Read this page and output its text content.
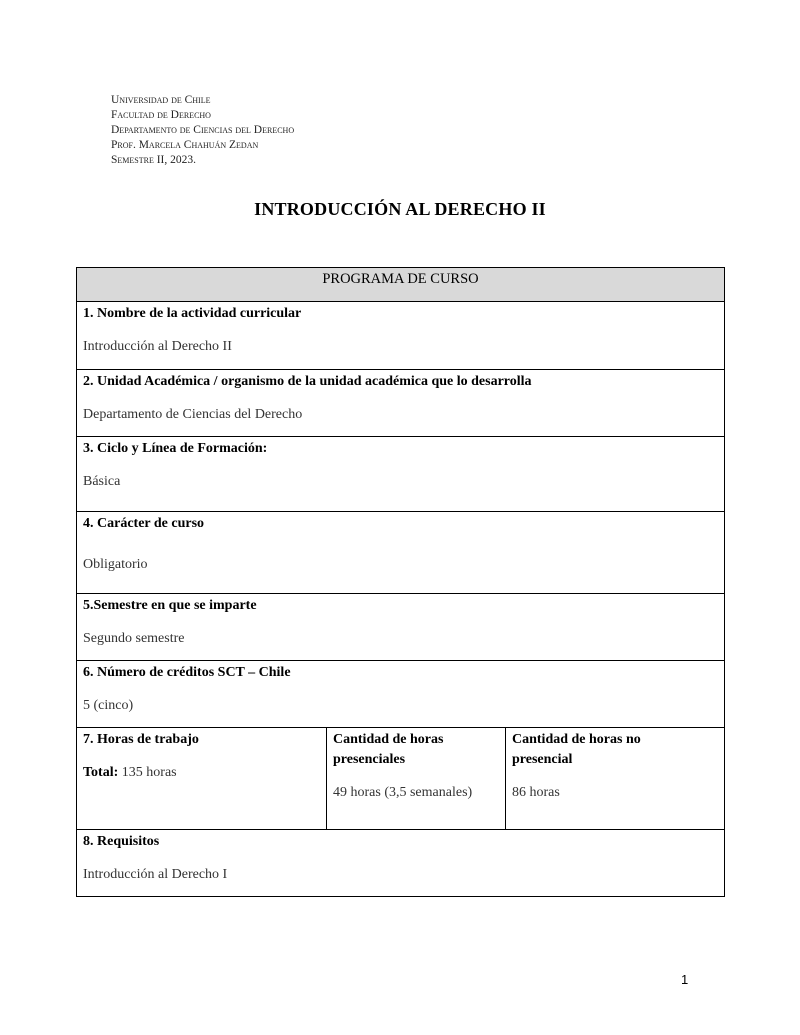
Universidad de Chile
Facultad de Derecho
Departamento de Ciencias del Derecho
Prof. Marcela Chahuán Zedan
Semestre II, 2023.
INTRODUCCIÓN AL DERECHO II
PROGRAMA DE CURSO

1. Nombre de la actividad curricular
Introducción al Derecho II

2. Unidad Académica / organismo de la unidad académica que lo desarrolla
Departamento de Ciencias del Derecho

3. Ciclo y Línea de Formación:
Básica

4. Carácter de curso
Obligatorio

5.Semestre en que se imparte
Segundo semestre

6. Número de créditos SCT – Chile
5 (cinco)

7. Horas de trabajo
Total: 135 horas

Cantidad de horas
presenciales
49 horas (3,5 semanales)

Cantidad de horas no
presencial
86 horas

8. Requisitos
Introducción al Derecho I
1
